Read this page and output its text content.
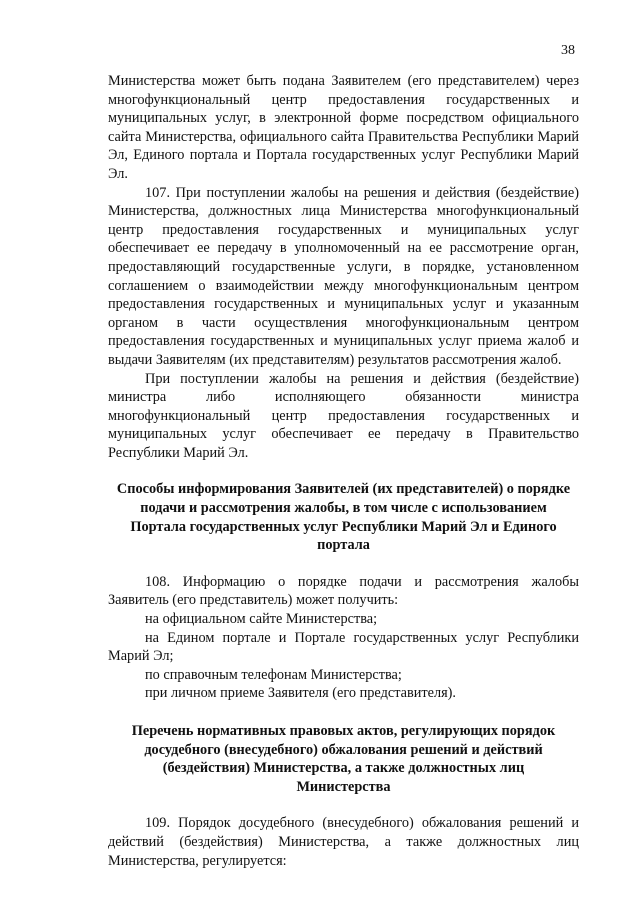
38

Министерства может быть подана Заявителем (его представителем) через многофункциональный центр предоставления государственных и муниципальных услуг, в электронной форме посредством официального сайта Министерства, официального сайта Правительства Республики Марий Эл, Единого портала и Портала государственных услуг Республики Марий Эл.

107. При поступлении жалобы на решения и действия (бездействие) Министерства, должностных лица Министерства многофункциональный центр предоставления государственных и муниципальных услуг обеспечивает ее передачу в уполномоченный на ее рассмотрение орган, предоставляющий государственные услуги, в порядке, установленном соглашением о взаимодействии между многофункциональным центром предоставления государственных и муниципальных услуг и указанным органом в части осуществления многофункциональным центром предоставления государственных и муниципальных услуг приема жалоб и выдачи Заявителям (их представителям) результатов рассмотрения жалоб.

При поступлении жалобы на решения и действия (бездействие) министра либо исполняющего обязанности министра многофункциональный центр предоставления государственных и муниципальных услуг обеспечивает ее передачу в Правительство Республики Марий Эл.

Способы информирования Заявителей (их представителей) о порядке подачи и рассмотрения жалобы, в том числе с использованием Портала государственных услуг Республики Марий Эл и Единого портала

108. Информацию о порядке подачи и рассмотрения жалобы Заявитель (его представитель) может получить:

на официальном сайте Министерства;

на Едином портале и Портале государственных услуг Республики Марий Эл;

по справочным телефонам Министерства;

при личном приеме Заявителя (его представителя).

Перечень нормативных правовых актов, регулирующих порядок досудебного (внесудебного) обжалования решений и действий (бездействия) Министерства, а также должностных лиц Министерства

109. Порядок досудебного (внесудебного) обжалования решений и действий (бездействия) Министерства, а также должностных лиц Министерства, регулируется:
